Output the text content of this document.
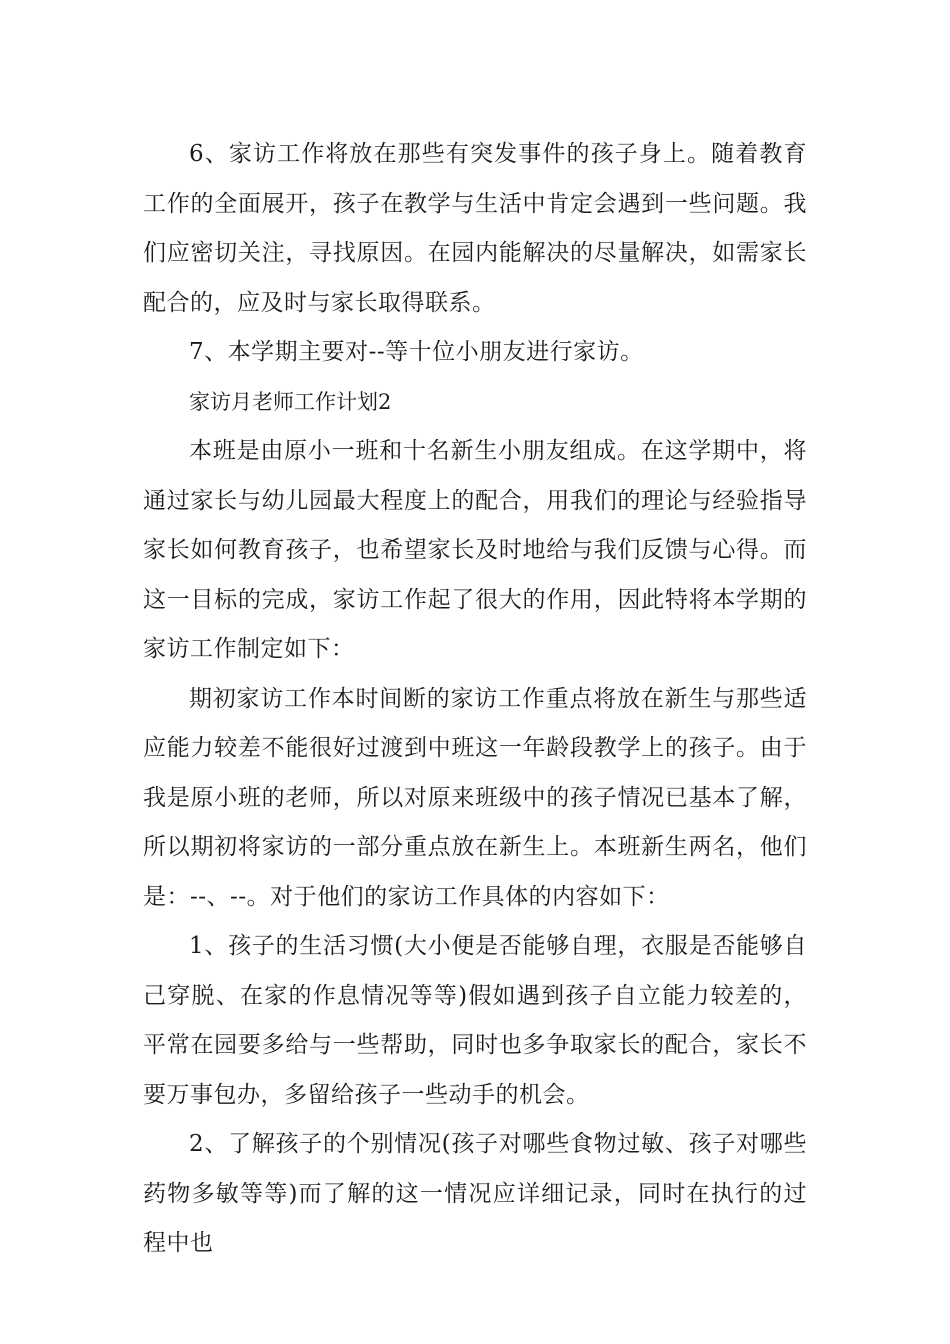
6、家访工作将放在那些有突发事件的孩子身上。随着教育工作的全面展开，孩子在教学与生活中肯定会遇到一些问题。我们应密切关注，寻找原因。在园内能解决的尽量解决，如需家长配合的，应及时与家长取得联系。

7、本学期主要对--等十位小朋友进行家访。

家访月老师工作计划2

本班是由原小一班和十名新生小朋友组成。在这学期中，将通过家长与幼儿园最大程度上的配合，用我们的理论与经验指导家长如何教育孩子，也希望家长及时地给与我们反馈与心得。而这一目标的完成，家访工作起了很大的作用，因此特将本学期的家访工作制定如下：

期初家访工作本时间断的家访工作重点将放在新生与那些适应能力较差不能很好过渡到中班这一年龄段教学上的孩子。由于我是原小班的老师，所以对原来班级中的孩子情况已基本了解，所以期初将家访的一部分重点放在新生上。本班新生两名，他们是：--、--。对于他们的家访工作具体的内容如下：

1、孩子的生活习惯(大小便是否能够自理，衣服是否能够自己穿脱、在家的作息情况等等)假如遇到孩子自立能力较差的，平常在园要多给与一些帮助，同时也多争取家长的配合，家长不要万事包办，多留给孩子一些动手的机会。

2、了解孩子的个别情况(孩子对哪些食物过敏、孩子对哪些药物多敏等等)而了解的这一情况应详细记录，同时在执行的过程中也
